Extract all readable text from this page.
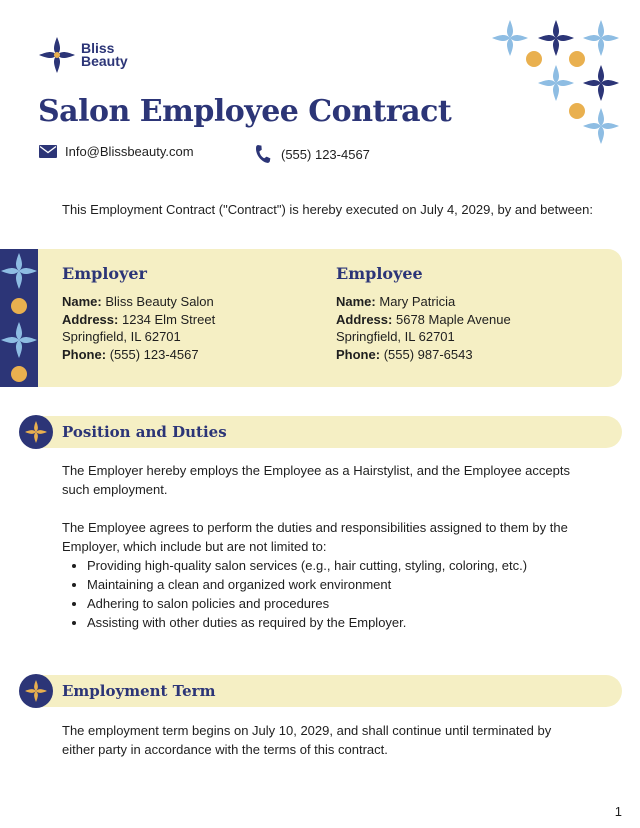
Bliss
Beauty
Salon Employee Contract
Info@Blissbeauty.com	(555) 123-4567
This Employment Contract ("Contract") is hereby executed on July 4, 2029, by and between:
Employer
Name: Bliss Beauty Salon
Address: 1234 Elm Street
Springfield, IL 62701
Phone: (555) 123-4567
Employee
Name: Mary Patricia
Address: 5678 Maple Avenue
Springfield, IL 62701
Phone: (555) 987-6543
Position and Duties

The Employer hereby employs the Employee as a Hairstylist, and the Employee accepts such employment.

The Employee agrees to perform the duties and responsibilities assigned to them by the Employer, which include but are not limited to:

• Providing high-quality salon services (e.g., hair cutting, styling, coloring, etc.)
• Maintaining a clean and organized work environment
• Adhering to salon policies and procedures
• Assisting with other duties as required by the Employer.
Employment Term

The employment term begins on July 10, 2029, and shall continue until terminated by either party in accordance with the terms of this contract.

1
